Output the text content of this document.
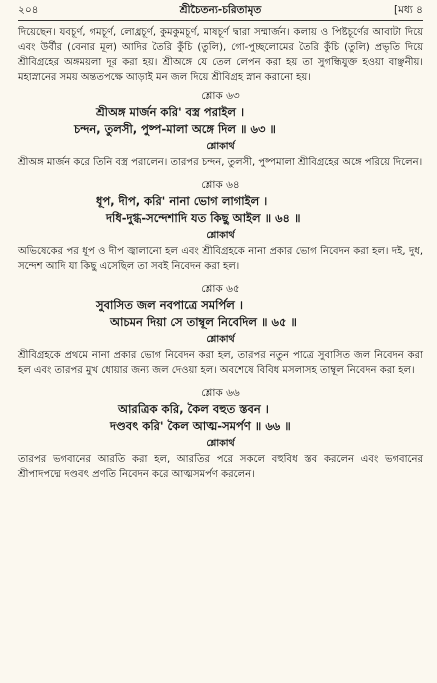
২০৪	শ্রীচৈতন্য-চরিতামৃত	[মধ্য ৪

দিয়েছেন। যবচূর্ণ, গমচূর্ণ, লোধ্রচূর্ণ, কুমকুমচূর্ণ, মাষচূর্ণ দ্বারা সম্মার্জন। কলায় ও পিষ্টচূর্ণের আবাটা দিয়ে এবং উর্বীর (বেনার মূল) আদির তৈরি কুঁচি (তুলি), গো-পুচ্ছলোমের তৈরি কুঁচি (তুলি) প্রভৃতি দিয়ে শ্রীবিগ্রহের অঙ্গময়লা দূর করা হয়। শ্রীঅঙ্গে যে তেল লেপন করা হয় তা সুগন্ধিযুক্ত হওয়া বাঞ্ছনীয়। মহাস্নানের সময় অন্ততপক্ষে আড়াই মন জল দিয়ে শ্রীবিগ্রহ স্নান করানো হয়।

শ্লোক ৬৩
শ্রীঅঙ্গ মার্জন করি' বস্ত্র পরাইল ।
চন্দন, তুলসী, পুষ্প-মালা অঙ্গে দিল ॥ ৬৩ ॥
শ্লোকার্থ

শ্রীঅঙ্গ মার্জন করে তিনি বস্ত্র পরালেন। তারপর চন্দন, তুলসী, পুষ্পমালা শ্রীবিগ্রহের অঙ্গে পরিয়ে দিলেন।

শ্লোক ৬৪
ধূপ, দীপ, করি' নানা ভোগ লাগাইল ।
দধি-দুগ্ধ-সন্দেশাদি যত কিছু আইল ॥ ৬৪ ॥
শ্লোকার্থ

অভিষেকের পর ধূপ ও দীপ জ্বালানো হল এবং শ্রীবিগ্রহকে নানা প্রকার ভোগ নিবেদন করা হল। দই, দুধ, সন্দেশ আদি যা কিছু এসেছিল তা সবই নিবেদন করা হল।

শ্লোক ৬৫
সুবাসিত জল নবপাত্রে সমর্পিল ।
আচমন দিয়া সে তাম্বূল নিবেদিল ॥ ৬৫ ॥
শ্লোকার্থ

শ্রীবিগ্রহকে প্রথমে নানা প্রকার ভোগ নিবেদন করা হল, তারপর নতুন পাত্রে সুবাসিত জল নিবেদন করা হল এবং তারপর মুখ ধোয়ার জন্য জল দেওয়া হল। অবশেষে বিবিধ মসলাসহ তাম্বূল নিবেদন করা হল।

শ্লোক ৬৬
আরত্রিক করি, কৈল বহুত স্তবন ।
দণ্ডবৎ করি' কৈল আত্ম-সমর্পণ ॥ ৬৬ ॥
শ্লোকার্থ

তারপর ভগবানের আরতি করা হল, আরতির পরে সকলে বহুবিধ স্তব করলেন এবং ভগবানের শ্রীপাদপদ্মে দণ্ডবৎ প্রণতি নিবেদন করে আত্মসমর্পণ করলেন।
